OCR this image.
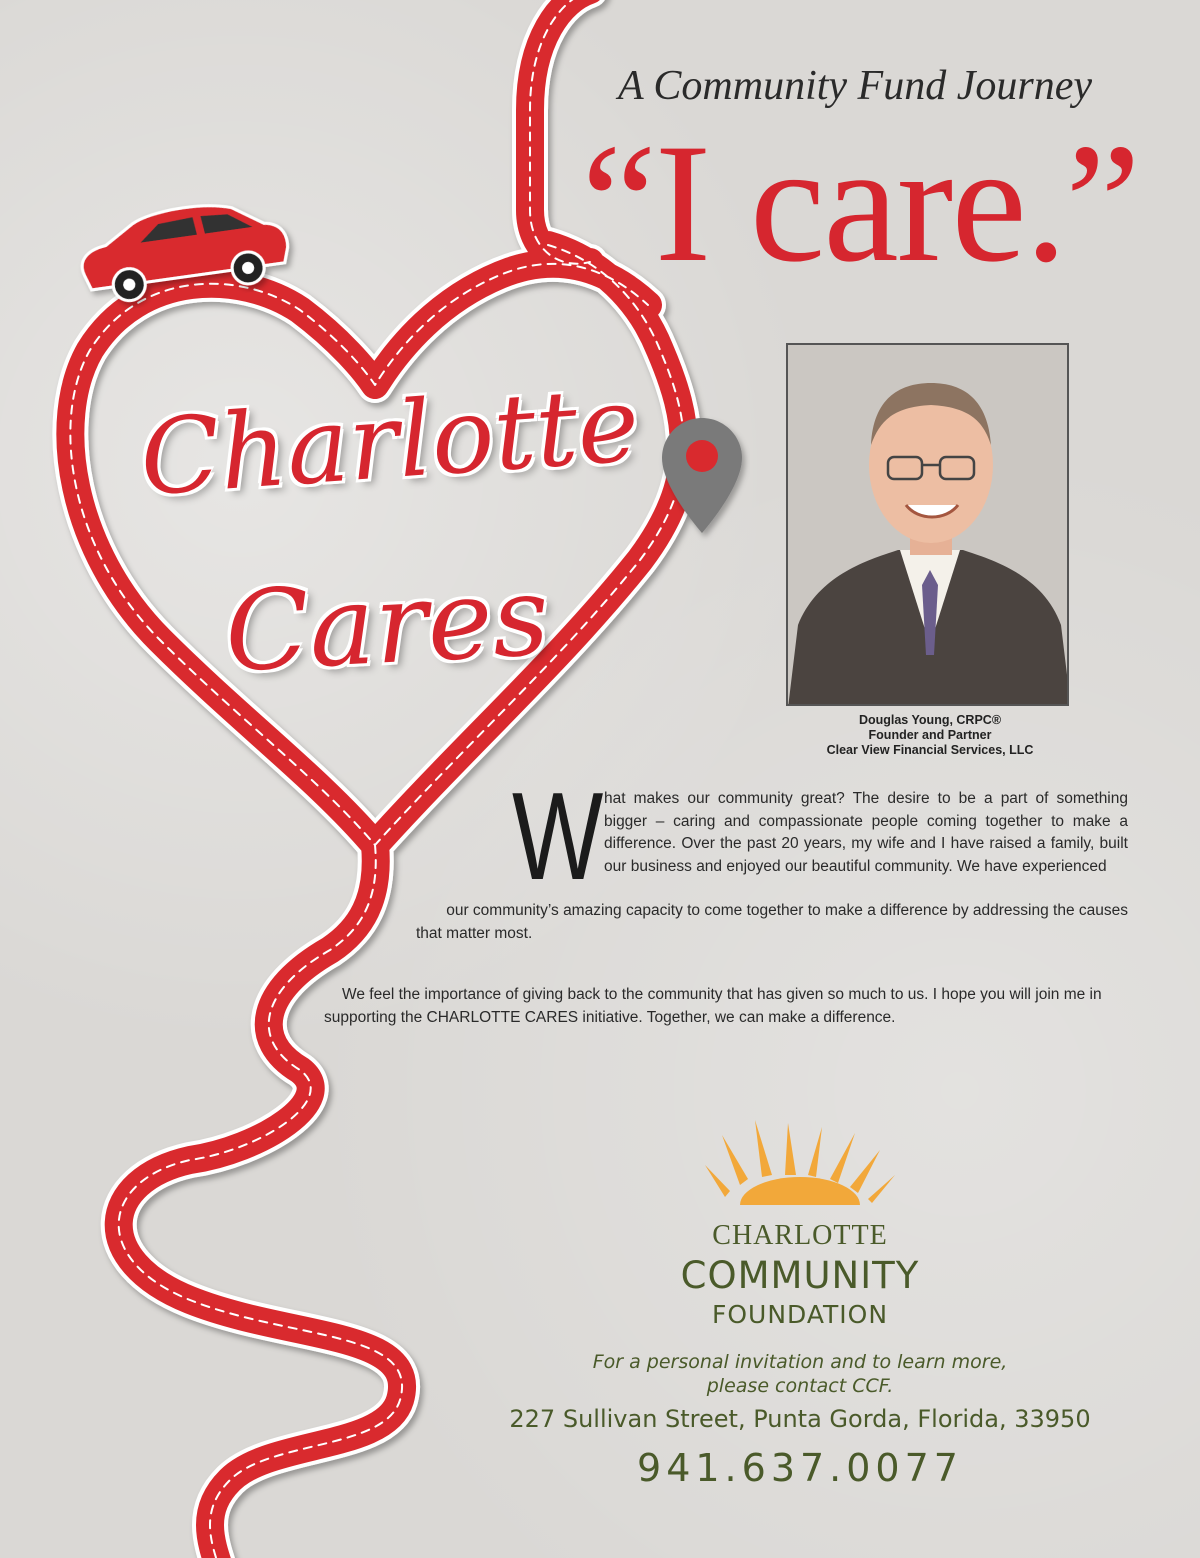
A Community Fund Journey
“I care.”
Charlotte
Cares
Douglas Young, CRPC®
Founder and Partner
Clear View Financial Services, LLC
W hat makes our community great? The desire to be a part of something bigger – caring and compassionate people coming together to make a difference. Over the past 20 years, my wife and I have raised a family, built our business and enjoyed our beautiful community. We have experienced
our community’s amazing capacity to come together to make a difference by addressing the causes
that matter most.
We feel the importance of giving back to the community that has given so much to us. I hope you will join me in
supporting the CHARLOTTE CARES initiative. Together, we can make a difference.
CHARLOTTE
COMMUNITY
FOUNDATION
For a personal invitation and to learn more,
please contact CCF.
227 Sullivan Street, Punta Gorda, Florida, 33950
941.637.0077
